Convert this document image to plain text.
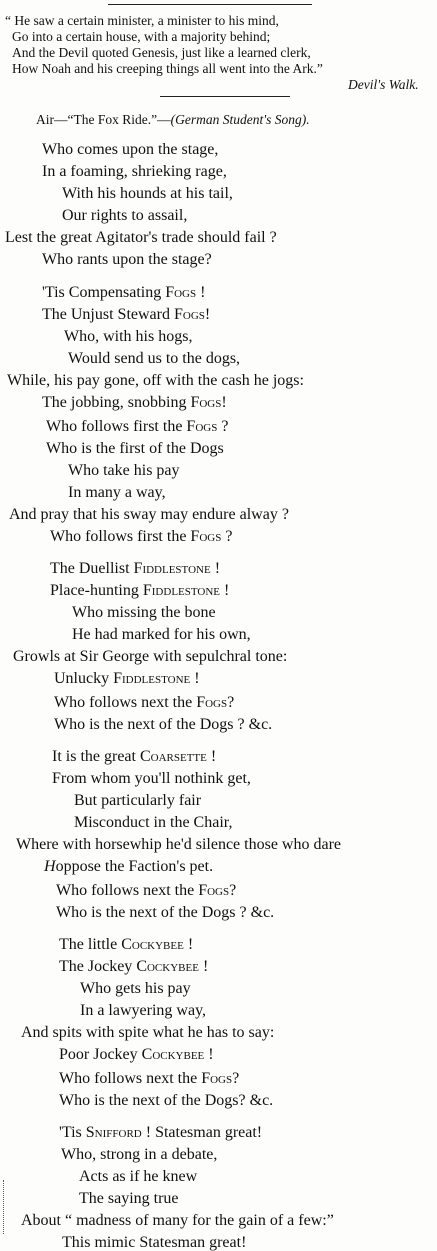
“ He saw a certain minister, a minister to his mind,
Go into a certain house, with a majority behind;
And the Devil quoted Genesis, just like a learned clerk,
How Noah and his creeping things all went into the Ark.”
Devil's Walk.
Air—“The Fox Ride.”—(German Student's Song).
Who comes upon the stage,
In a foaming, shrieking rage,
With his hounds at his tail,
Our rights to assail,
Lest the great Agitator's trade should fail ?
Who rants upon the stage?
'Tis Compensating Fogs !
The Unjust Steward Fogs!
Who, with his hogs,
Would send us to the dogs,
While, his pay gone, off with the cash he jogs:
The jobbing, snobbing Fogs!
Who follows first the Fogs ?
Who is the first of the Dogs
Who take his pay
In many a way,
And pray that his sway may endure alway ?
Who follows first the Fogs ?
The Duellist Fiddlestone !
Place-hunting Fiddlestone !
Who missing the bone
He had marked for his own,
Growls at Sir George with sepulchral tone:
Unlucky Fiddlestone !
Who follows next the Fogs?
Who is the next of the Dogs ? &c.
It is the great Coarsette !
From whom you'll nothink get,
But particularly fair
Misconduct in the Chair,
Where with horsewhip he'd silence those who dare
Hoppose the Faction's pet.
Who follows next the Fogs?
Who is the next of the Dogs ? &c.
The little Cockybee !
The Jockey Cockybee !
Who gets his pay
In a lawyering way,
And spits with spite what he has to say:
Poor Jockey Cockybee !
Who follows next the Fogs?
Who is the next of the Dogs? &c.
'Tis Snifford ! Statesman great!
Who, strong in a debate,
Acts as if he knew
The saying true
About “ madness of many for the gain of a few:”
This mimic Statesman great!
